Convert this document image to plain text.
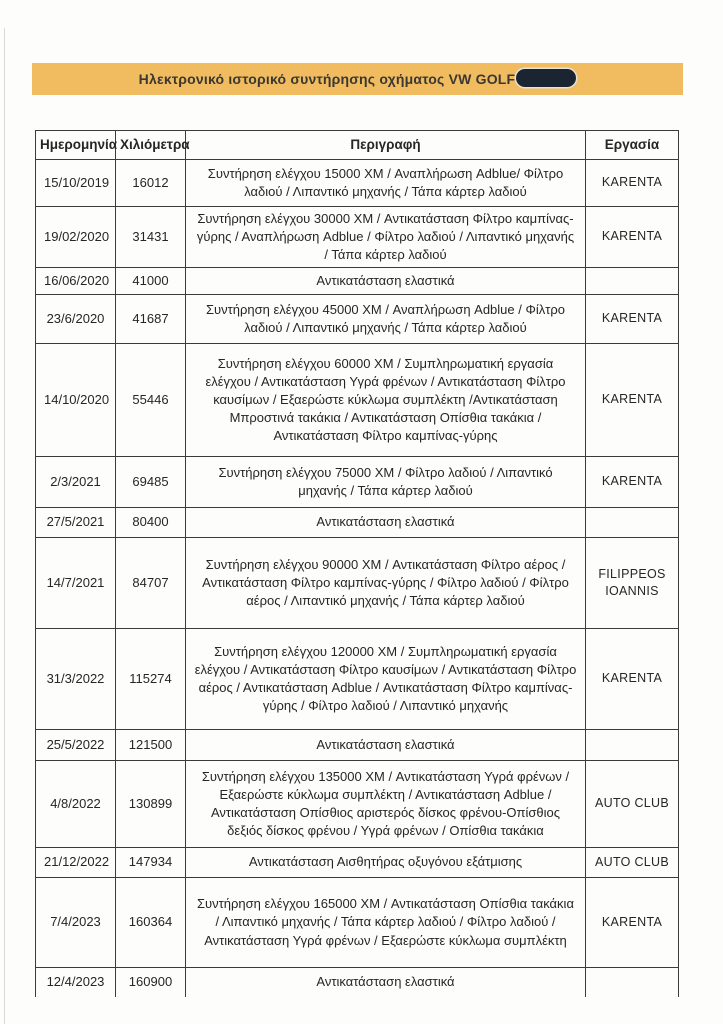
Ηλεκτρονικό ιστορικό συντήρησης οχήματος VW GOLF
Ημερομηνία	Χιλιόμετρα	Περιγραφή	Εργασία
15/10/2019	16012	Συντήρηση ελέγχου 15000 XM / Αναπλήρωση Adblue/ Φίλτρο λαδιού / Λιπαντικό μηχανής / Τάπα κάρτερ λαδιού	KARENTA
19/02/2020	31431	Συντήρηση ελέγχου 30000 XM / Αντικατάσταση Φίλτρο καμπίνας-γύρης / Αναπλήρωση Adblue / Φίλτρο λαδιού / Λιπαντικό μηχανής / Τάπα κάρτερ λαδιού	KARENTA
16/06/2020	41000	Αντικατάσταση ελαστικά	
23/6/2020	41687	Συντήρηση ελέγχου 45000 XM / Αναπλήρωση Adblue / Φίλτρο λαδιού / Λιπαντικό μηχανής / Τάπα κάρτερ λαδιού	KARENTA
14/10/2020	55446	Συντήρηση ελέγχου 60000 XM / Συμπληρωματική εργασία ελέγχου / Αντικατάσταση Υγρά φρένων / Αντικατάσταση Φίλτρο καυσίμων / Εξαερώστε κύκλωμα συμπλέκτη /Αντικατάσταση Μπροστινά τακάκια / Αντικατάσταση Οπίσθια τακάκια / Αντικατάσταση Φίλτρο καμπίνας-γύρης	KARENTA
2/3/2021	69485	Συντήρηση ελέγχου 75000 XM / Φίλτρο λαδιού / Λιπαντικό μηχανής / Τάπα κάρτερ λαδιού	KARENTA
27/5/2021	80400	Αντικατάσταση ελαστικά	
14/7/2021	84707	Συντήρηση ελέγχου 90000 XM / Αντικατάσταση Φίλτρο αέρος / Αντικατάσταση Φίλτρο καμπίνας-γύρης / Φίλτρο λαδιού / Φίλτρο αέρος / Λιπαντικό μηχανής / Τάπα κάρτερ λαδιού	FILIPPEOS IOANNIS
31/3/2022	115274	Συντήρηση ελέγχου 120000 XM / Συμπληρωματική εργασία ελέγχου / Αντικατάσταση Φίλτρο καυσίμων / Αντικατάσταση Φίλτρο αέρος / Αντικατάσταση Adblue / Αντικατάσταση Φίλτρο καμπίνας-γύρης / Φίλτρο λαδιού / Λιπαντικό μηχανής	KARENTA
25/5/2022	121500	Αντικατάσταση ελαστικά	
4/8/2022	130899	Συντήρηση ελέγχου 135000 XM / Αντικατάσταση Υγρά φρένων / Εξαερώστε κύκλωμα συμπλέκτη / Αντικατάσταση Adblue / Αντικατάσταση Οπίσθιος αριστερός δίσκος φρένου-Οπίσθιος δεξιός δίσκος φρένου / Υγρά φρένων / Οπίσθια τακάκια	AUTO CLUB
21/12/2022	147934	Αντικατάσταση Αισθητήρας οξυγόνου εξάτμισης	AUTO CLUB
7/4/2023	160364	Συντήρηση ελέγχου 165000 XM / Αντικατάσταση Οπίσθια τακάκια / Λιπαντικό μηχανής / Τάπα κάρτερ λαδιού / Φίλτρο λαδιού / Αντικατάσταση Υγρά φρένων / Εξαερώστε κύκλωμα συμπλέκτη	KARENTA
12/4/2023	160900	Αντικατάσταση ελαστικά	
